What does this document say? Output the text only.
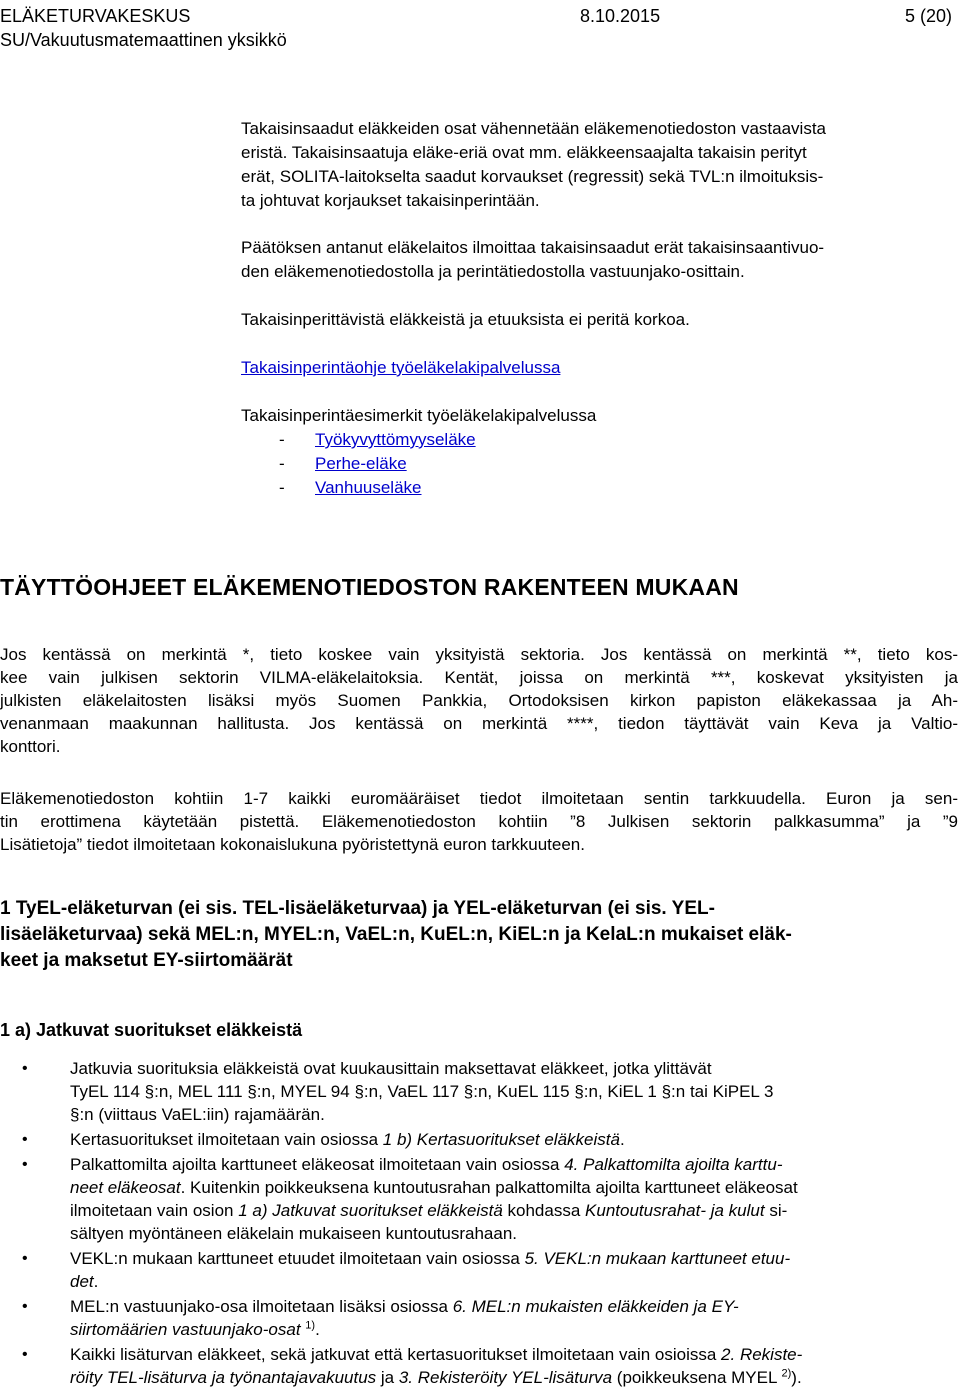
ELÄKETURVAKESKUS	8.10.2015	5 (20)
SU/Vakuutusmatemaattinen yksikkö
Takaisinsaadut eläkkeiden osat vähennetään eläkemenotiedoston vastaavista
eristä. Takaisinsaatuja eläke-eriä ovat mm. eläkkeensaajalta takaisin perityt
erät, SOLITA-laitokselta saadut korvaukset (regressit) sekä TVL:n ilmoituksis-
ta johtuvat korjaukset takaisinperintään.
Päätöksen antanut eläkelaitos ilmoittaa takaisinsaadut erät takaisinsaantivuo-
den eläkemenotiedostolla ja perintätiedostolla vastuunjako-osittain.
Takaisinperittävistä eläkkeistä ja etuuksista ei peritä korkoa.
Takaisinperintäohje työeläkelakipalvelussa
Takaisinperintäesimerkit työeläkelakipalvelussa
- Työkyvyttömyyseläke
- Perhe-eläke
- Vanhuuseläke
TÄYTTÖOHJEET ELÄKEMENOTIEDOSTON RAKENTEEN MUKAAN
Jos kentässä on merkintä *, tieto koskee vain yksityistä sektoria. Jos kentässä on merkintä **, tieto kos-
kee vain julkisen sektorin VILMA-eläkelaitoksia. Kentät, joissa on merkintä ***, koskevat yksityisten ja
julkisten eläkelaitosten lisäksi myös Suomen Pankkia, Ortodoksisen kirkon papiston eläkekassaa ja Ah-
venanmaan maakunnan hallitusta. Jos kentässä on merkintä ****, tiedon täyttävät vain Keva ja Valtio-
konttori.
Eläkemenotiedoston kohtiin 1-7 kaikki euromääräiset tiedot ilmoitetaan sentin tarkkuudella. Euron ja sen-
tin erottimena käytetään pistettä. Eläkemenotiedoston kohtiin ”8 Julkisen sektorin palkkasumma” ja ”9
Lisätietoja” tiedot ilmoitetaan kokonaislukuna pyöristettynä euron tarkkuuteen.
1 TyEL-eläketurvan (ei sis. TEL-lisäeläketurvaa) ja YEL-eläketurvan (ei sis. YEL-
lisäeläketurvaa) sekä MEL:n, MYEL:n, VaEL:n, KuEL:n, KiEL:n ja KelaL:n mukaiset eläk-
keet ja maksetut EY-siirtomäärät
1 a) Jatkuvat suoritukset eläkkeistä
• Jatkuvia suorituksia eläkkeistä ovat kuukausittain maksettavat eläkkeet, jotka ylittävät
TyEL 114 §:n, MEL 111 §:n, MYEL 94 §:n, VaEL 117 §:n, KuEL 115 §:n, KiEL 1 §:n tai KiPEL 3
§:n (viittaus VaEL:iin) rajamäärän.
• Kertasuoritukset ilmoitetaan vain osiossa 1 b) Kertasuoritukset eläkkeistä.
• Palkattomilta ajoilta karttuneet eläkeosat ilmoitetaan vain osiossa 4. Palkattomilta ajoilta karttu-
neet eläkeosat. Kuitenkin poikkeuksena kuntoutusrahan palkattomilta ajoilta karttuneet eläkeosat
ilmoitetaan vain osion 1 a) Jatkuvat suoritukset eläkkeistä kohdassa Kuntoutusrahat- ja kulut si-
sältyen myöntäneen eläkelain mukaiseen kuntoutusrahaan.
• VEKL:n mukaan karttuneet etuudet ilmoitetaan vain osiossa 5. VEKL:n mukaan karttuneet etuu-
det.
• MEL:n vastuunjako-osa ilmoitetaan lisäksi osiossa 6. MEL:n mukaisten eläkkeiden ja EY-
siirtomäärien vastuunjako-osat $^{1)}$.
• Kaikki lisäturvan eläkkeet, sekä jatkuvat että kertasuoritukset ilmoitetaan vain osioissa 2. Rekiste-
röity TEL-lisäturva ja työnantajavakuutus ja 3. Rekisteröity YEL-lisäturva (poikkeuksena MYEL $^{2)}$).
